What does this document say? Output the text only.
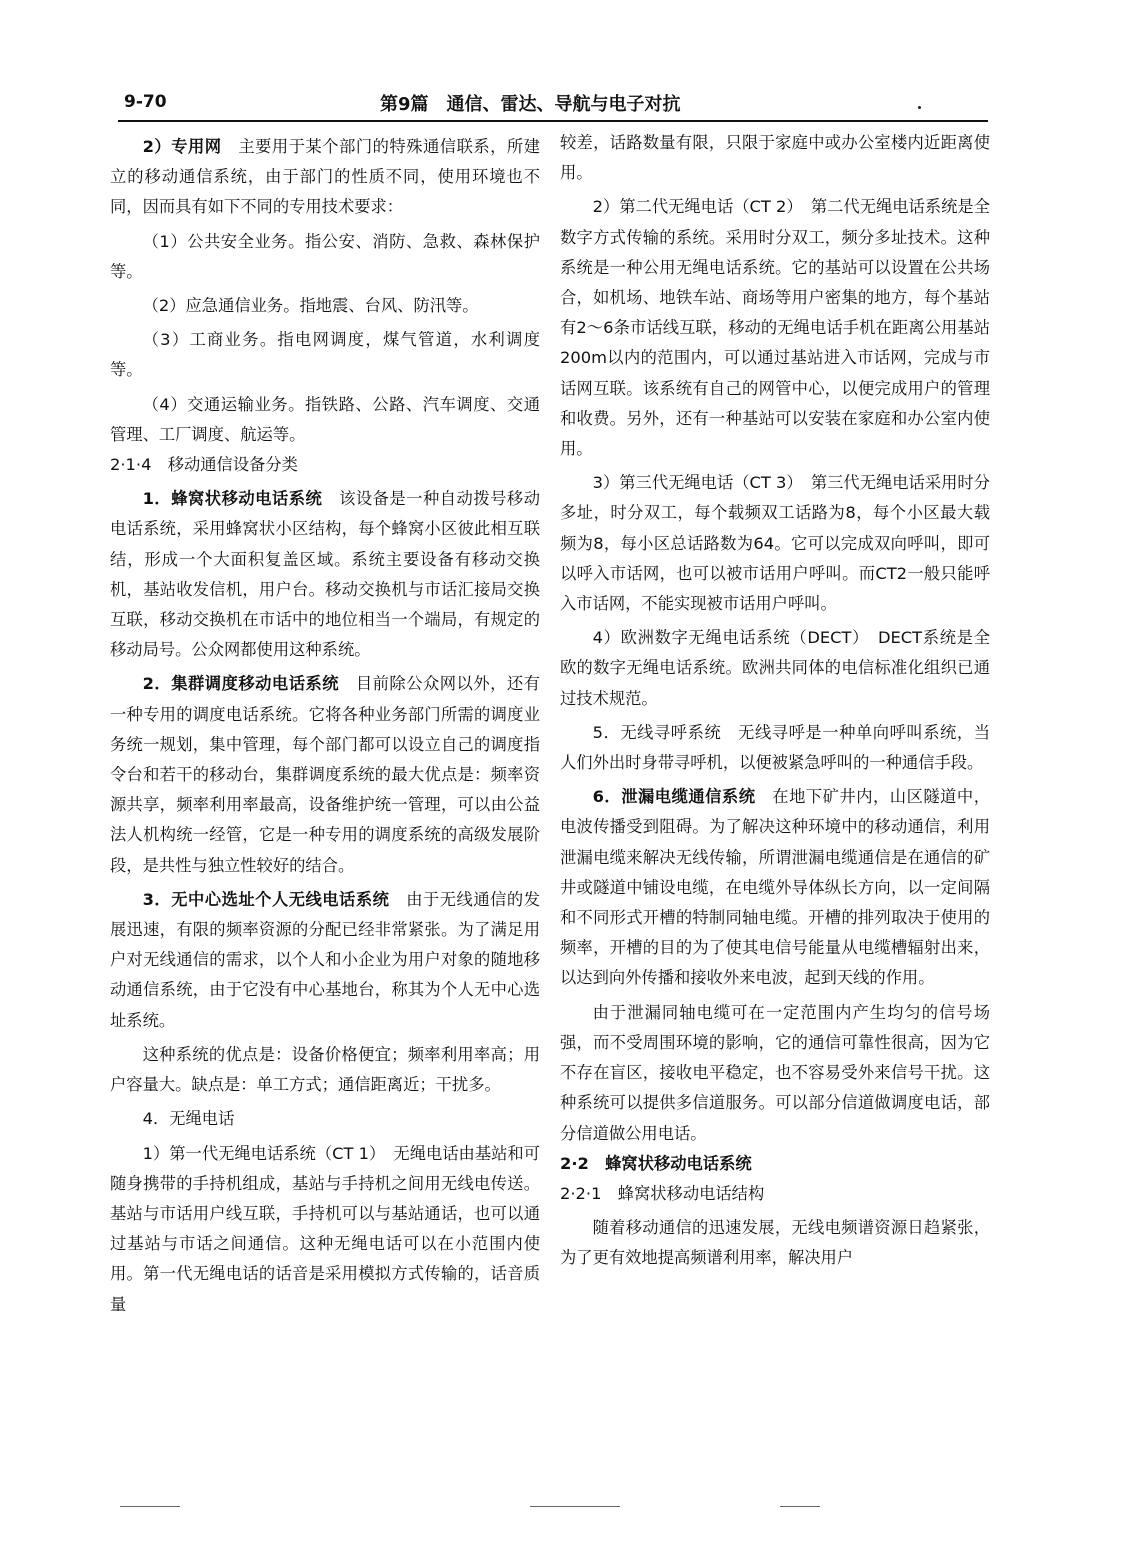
9-70	第9篇　通信、雷达、导航与电子对抗

2）专用网　主要用于某个部门的特殊通信联系，所建立的移动通信系统，由于部门的性质不同，使用环境也不同，因而具有如下不同的专用技术要求：

（1）公共安全业务。指公安、消防、急救、森林保护等。

（2）应急通信业务。指地震、台风、防汛等。

（3）工商业务。指电网调度，煤气管道，水利调度等。

（4）交通运输业务。指铁路、公路、汽车调度、交通管理、工厂调度、航运等。

2·1·4　移动通信设备分类

1．蜂窝状移动电话系统　该设备是一种自动拨号移动电话系统，采用蜂窝状小区结构，每个蜂窝小区彼此相互联结，形成一个大面积复盖区域。系统主要设备有移动交换机，基站收发信机，用户台。移动交换机与市话汇接局交换互联，移动交换机在市话中的地位相当一个端局，有规定的移动局号。公众网都使用这种系统。

2．集群调度移动电话系统　目前除公众网以外，还有一种专用的调度电话系统。它将各种业务部门所需的调度业务统一规划，集中管理，每个部门都可以设立自己的调度指令台和若干的移动台，集群调度系统的最大优点是：频率资源共享，频率利用率最高，设备维护统一管理，可以由公益法人机构统一经管，它是一种专用的调度系统的高级发展阶段，是共性与独立性较好的结合。

3．无中心选址个人无线电话系统　由于无线通信的发展迅速，有限的频率资源的分配已经非常紧张。为了满足用户对无线通信的需求，以个人和小企业为用户对象的随地移动通信系统，由于它没有中心基地台，称其为个人无中心选址系统。

这种系统的优点是：设备价格便宜；频率利用率高；用户容量大。缺点是：单工方式；通信距离近；干扰多。

4．无绳电话

1）第一代无绳电话系统（CT 1）　无绳电话由基站和可随身携带的手持机组成，基站与手持机之间用无线电传送。基站与市话用户线互联，手持机可以与基站通话，也可以通过基站与市话之间通信。这种无绳电话可以在小范围内使用。第一代无绳电话的话音是采用模拟方式传输的，话音质量

较差，话路数量有限，只限于家庭中或办公室楼内近距离使用。

2）第二代无绳电话（CT 2）　第二代无绳电话系统是全数字方式传输的系统。采用时分双工，频分多址技术。这种系统是一种公用无绳电话系统。它的基站可以设置在公共场合，如机场、地铁车站、商场等用户密集的地方，每个基站有2～6条市话线互联，移动的无绳电话手机在距离公用基站200m以内的范围内，可以通过基站进入市话网，完成与市话网互联。该系统有自己的网管中心，以便完成用户的管理和收费。另外，还有一种基站可以安装在家庭和办公室内使用。

3）第三代无绳电话（CT 3）　第三代无绳电话采用时分多址，时分双工，每个载频双工话路为8，每个小区最大载频为8，每小区总话路数为64。它可以完成双向呼叫，即可以呼入市话网，也可以被市话用户呼叫。而CT2一般只能呼入市话网，不能实现被市话用户呼叫。

4）欧洲数字无绳电话系统（DECT）　DECT系统是全欧的数字无绳电话系统。欧洲共同体的电信标准化组织已通过技术规范。

5．无线寻呼系统　无线寻呼是一种单向呼叫系统，当人们外出时身带寻呼机，以便被紧急呼叫的一种通信手段。

6．泄漏电缆通信系统　在地下矿井内，山区隧道中，电波传播受到阻碍。为了解决这种环境中的移动通信，利用泄漏电缆来解决无线传输，所谓泄漏电缆通信是在通信的矿井或隧道中铺设电缆，在电缆外导体纵长方向，以一定间隔和不同形式开槽的特制同轴电缆。开槽的排列取决于使用的频率，开槽的目的为了使其电信号能量从电缆槽辐射出来，以达到向外传播和接收外来电波，起到天线的作用。

由于泄漏同轴电缆可在一定范围内产生均匀的信号场强，而不受周围环境的影响，它的通信可靠性很高，因为它不存在盲区，接收电平稳定，也不容易受外来信号干扰。这种系统可以提供多信道服务。可以部分信道做调度电话，部分信道做公用电话。

2·2　蜂窝状移动电话系统

2·2·1　蜂窝状移动电话结构

随着移动通信的迅速发展，无线电频谱资源日趋紧张，为了更有效地提高频谱利用率，解决用户
